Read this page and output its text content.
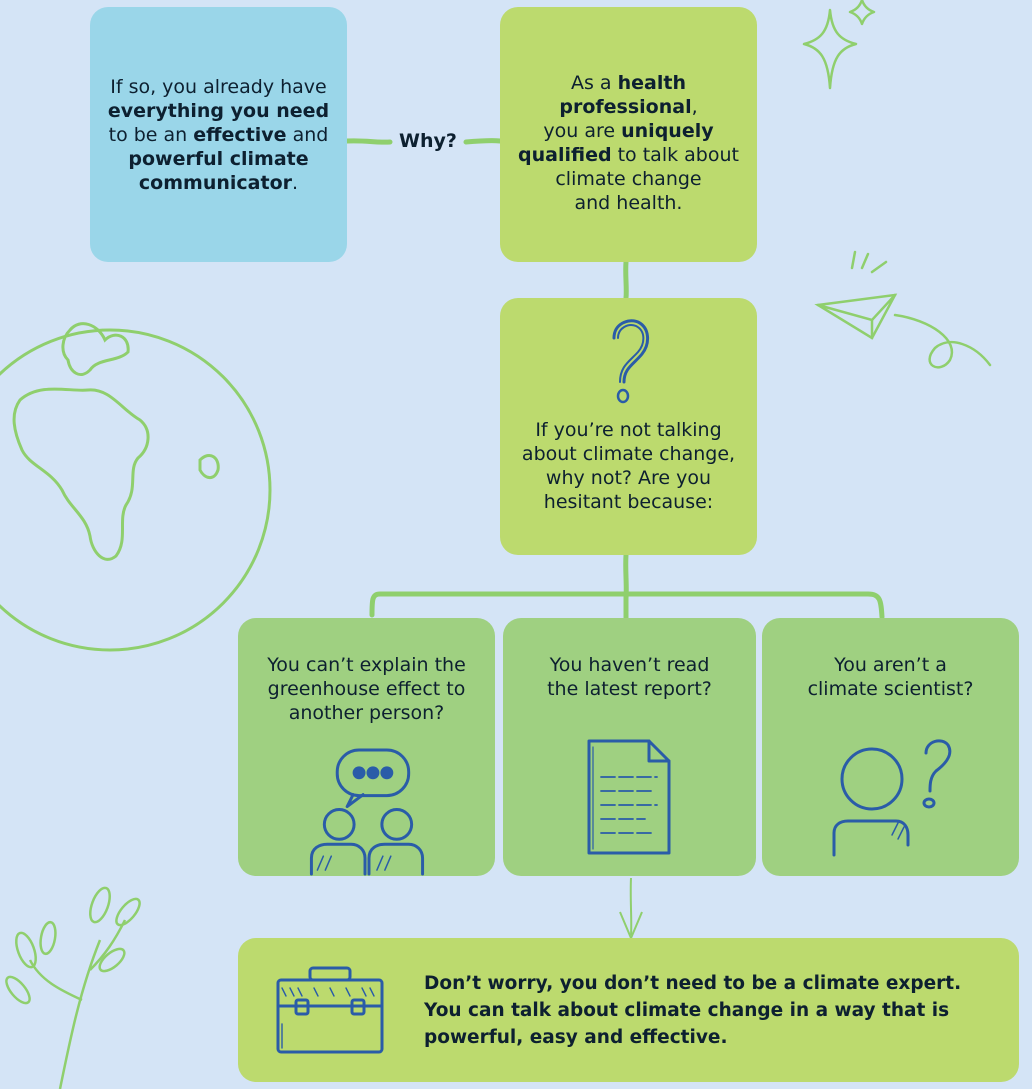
If so, you already have

everything you need

to be an effective and

powerful climate

communicator.

Why?

As a health professional,

you are uniquely

qualified to talk about

climate change

and health.

If you’re not talking

about climate change,

why not? Are you

hesitant because:

You can’t explain the

greenhouse effect to

another person?

You haven’t read

the latest report?

You aren’t a

climate scientist?

Don’t worry, you don’t need to be a climate expert.

You can talk about climate change in a way that is

powerful, easy and effective.
